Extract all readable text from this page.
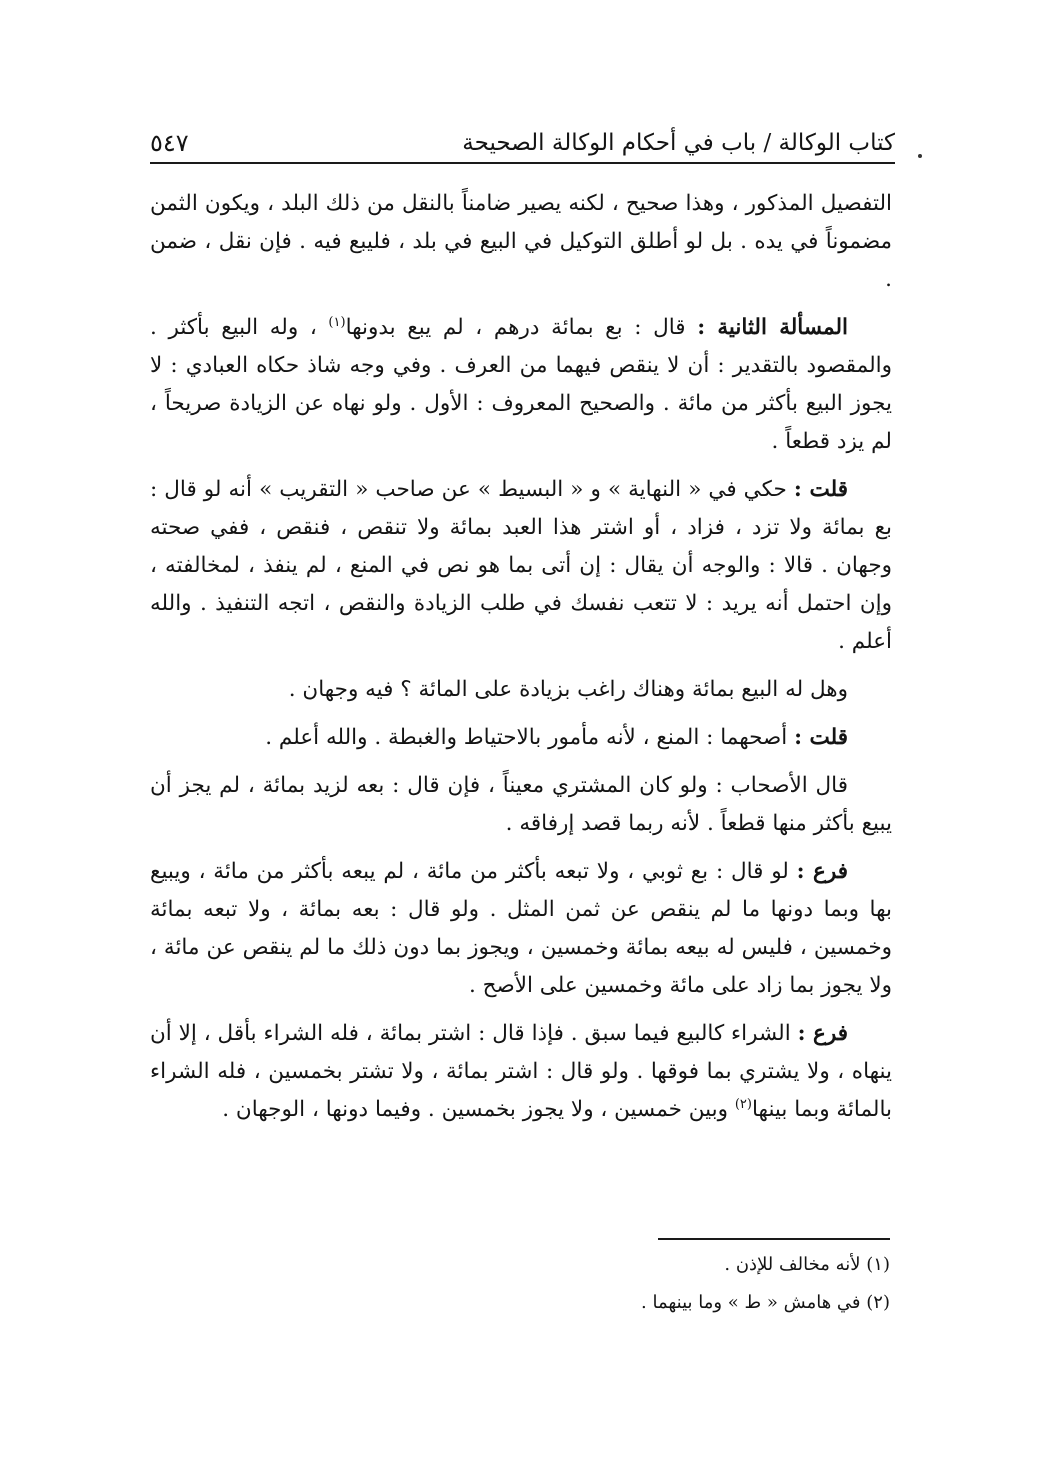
كتاب الوكالة / باب في أحكام الوكالة الصحيحة
٥٤٧

التفصيل المذكور ، وهذا صحيح ، لكنه يصير ضامناً بالنقل من ذلك البلد ، ويكون الثمن مضموناً في يده . بل لو أطلق التوكيل في البيع في بلد ، فليبع فيه . فإن نقل ، ضمن .

المسألة الثانية : قال : بع بمائة درهم ، لم يبع بدونها$^{(١)}$ ، وله البيع بأكثر . والمقصود بالتقدير : أن لا ينقص فيهما من العرف . وفي وجه شاذ حكاه العبادي : لا يجوز البيع بأكثر من مائة . والصحيح المعروف : الأول . ولو نهاه عن الزيادة صريحاً ، لم يزد قطعاً .

قلت : حكي في « النهاية » و « البسيط » عن صاحب « التقريب » أنه لو قال : بع بمائة ولا تزد ، فزاد ، أو اشتر هذا العبد بمائة ولا تنقص ، فنقص ، ففي صحته وجهان . قالا : والوجه أن يقال : إن أتى بما هو نص في المنع ، لم ينفذ ، لمخالفته ، وإن احتمل أنه يريد : لا تتعب نفسك في طلب الزيادة والنقص ، اتجه التنفيذ . والله أعلم .

وهل له البيع بمائة وهناك راغب بزيادة على المائة ؟ فيه وجهان .

قلت : أصحهما : المنع ، لأنه مأمور بالاحتياط والغبطة . والله أعلم .

قال الأصحاب : ولو كان المشتري معيناً ، فإن قال : بعه لزيد بمائة ، لم يجز أن يبيع بأكثر منها قطعاً . لأنه ربما قصد إرفاقه .

فرع : لو قال : بع ثوبي ، ولا تبعه بأكثر من مائة ، لم يبعه بأكثر من مائة ، ويبيع بها وبما دونها ما لم ينقص عن ثمن المثل . ولو قال : بعه بمائة ، ولا تبعه بمائة وخمسين ، فليس له بيعه بمائة وخمسين ، ويجوز بما دون ذلك ما لم ينقص عن مائة ، ولا يجوز بما زاد على مائة وخمسين على الأصح .

فرع : الشراء كالبيع فيما سبق . فإذا قال : اشتر بمائة ، فله الشراء بأقل ، إلا أن ينهاه ، ولا يشتري بما فوقها . ولو قال : اشتر بمائة ، ولا تشتر بخمسين ، فله الشراء بالمائة وبما بينها$^{(٢)}$ وبين خمسين ، ولا يجوز بخمسين . وفيما دونها ، الوجهان .

(١) لأنه مخالف للإذن .
(٢) في هامش « ط » وما بينهما .
